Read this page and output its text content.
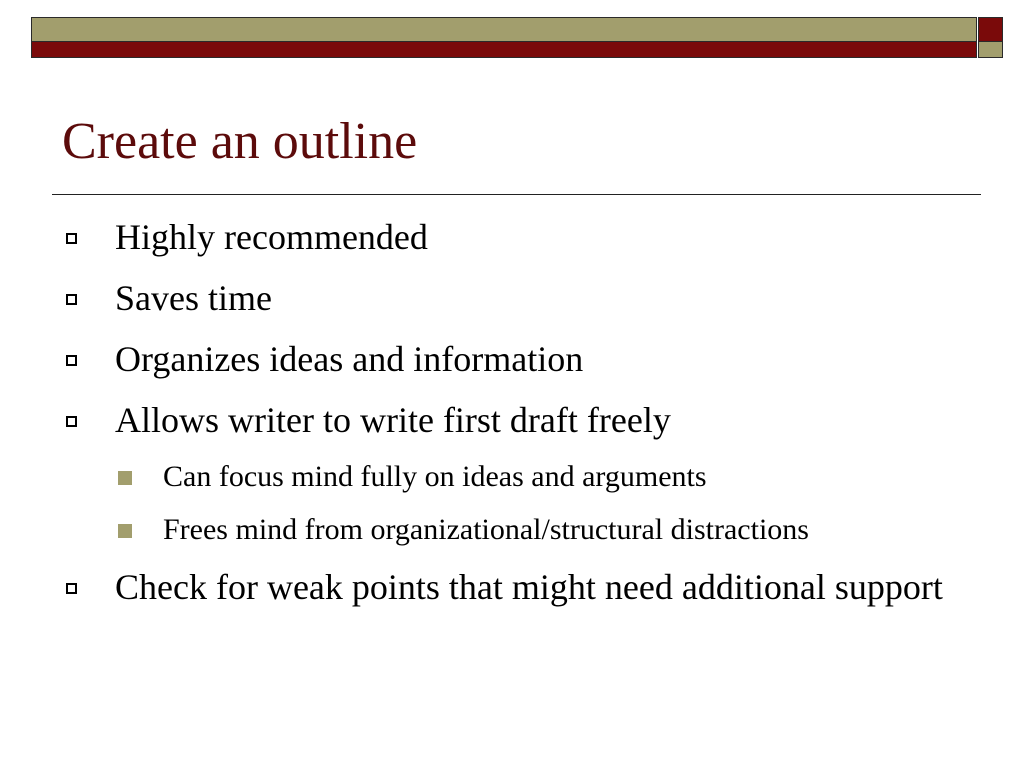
Create an outline
Highly recommended
Saves time
Organizes ideas and information
Allows writer to write first draft freely
Can focus mind fully on ideas and arguments
Frees mind from organizational/structural distractions
Check for weak points that might need additional support
